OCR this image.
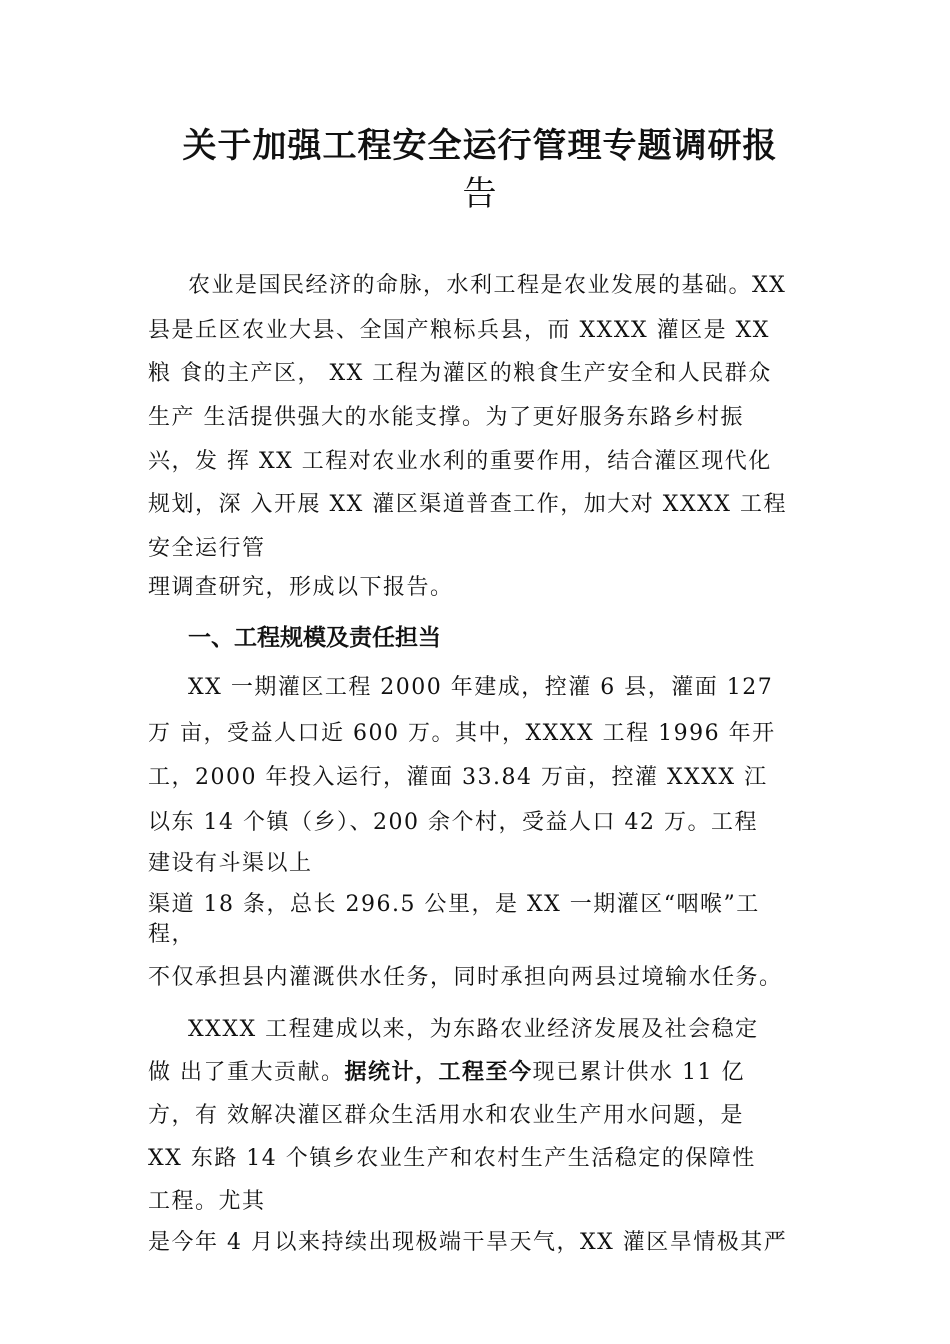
关于加强工程安全运行管理专题调研报
告
农业是国民经济的命脉，水利工程是农业发展的基础。XX
县是丘区农业大县、全国产粮标兵县，而 XXXX 灌区是 XX
粮 食的主产区， XX 工程为灌区的粮食生产安全和人民群众
生产 生活提供强大的水能支撑。为了更好服务东路乡村振
兴，发 挥 XX 工程对农业水利的重要作用，结合灌区现代化
规划，深 入开展 XX 灌区渠道普查工作，加大对 XXXX 工程
安全运行管
理调查研究，形成以下报告。
一、工程规模及责任担当
XX 一期灌区工程 2000 年建成，控灌 6 县，灌面 127
万 亩，受益人口近 600 万。其中，XXXX 工程 1996 年开
工，2000 年投入运行，灌面 33.84 万亩，控灌 XXXX 江
以东 14 个镇（乡）、200 余个村，受益人口 42 万。工程
建设有斗渠以上
渠道 18 条，总长 296.5 公里，是 XX 一期灌区“咽喉”工
程，
不仅承担县内灌溉供水任务，同时承担向两县过境输水任务。
XXXX 工程建成以来，为东路农业经济发展及社会稳定
做 出了重大贡献。据统计，工程至今现已累计供水 11 亿
方，有 效解决灌区群众生活用水和农业生产用水问题，是
XX 东路 14 个镇乡农业生产和农村生产生活稳定的保障性
工程。尤其
是今年 4 月以来持续出现极端干旱天气，XX 灌区旱情极其严
